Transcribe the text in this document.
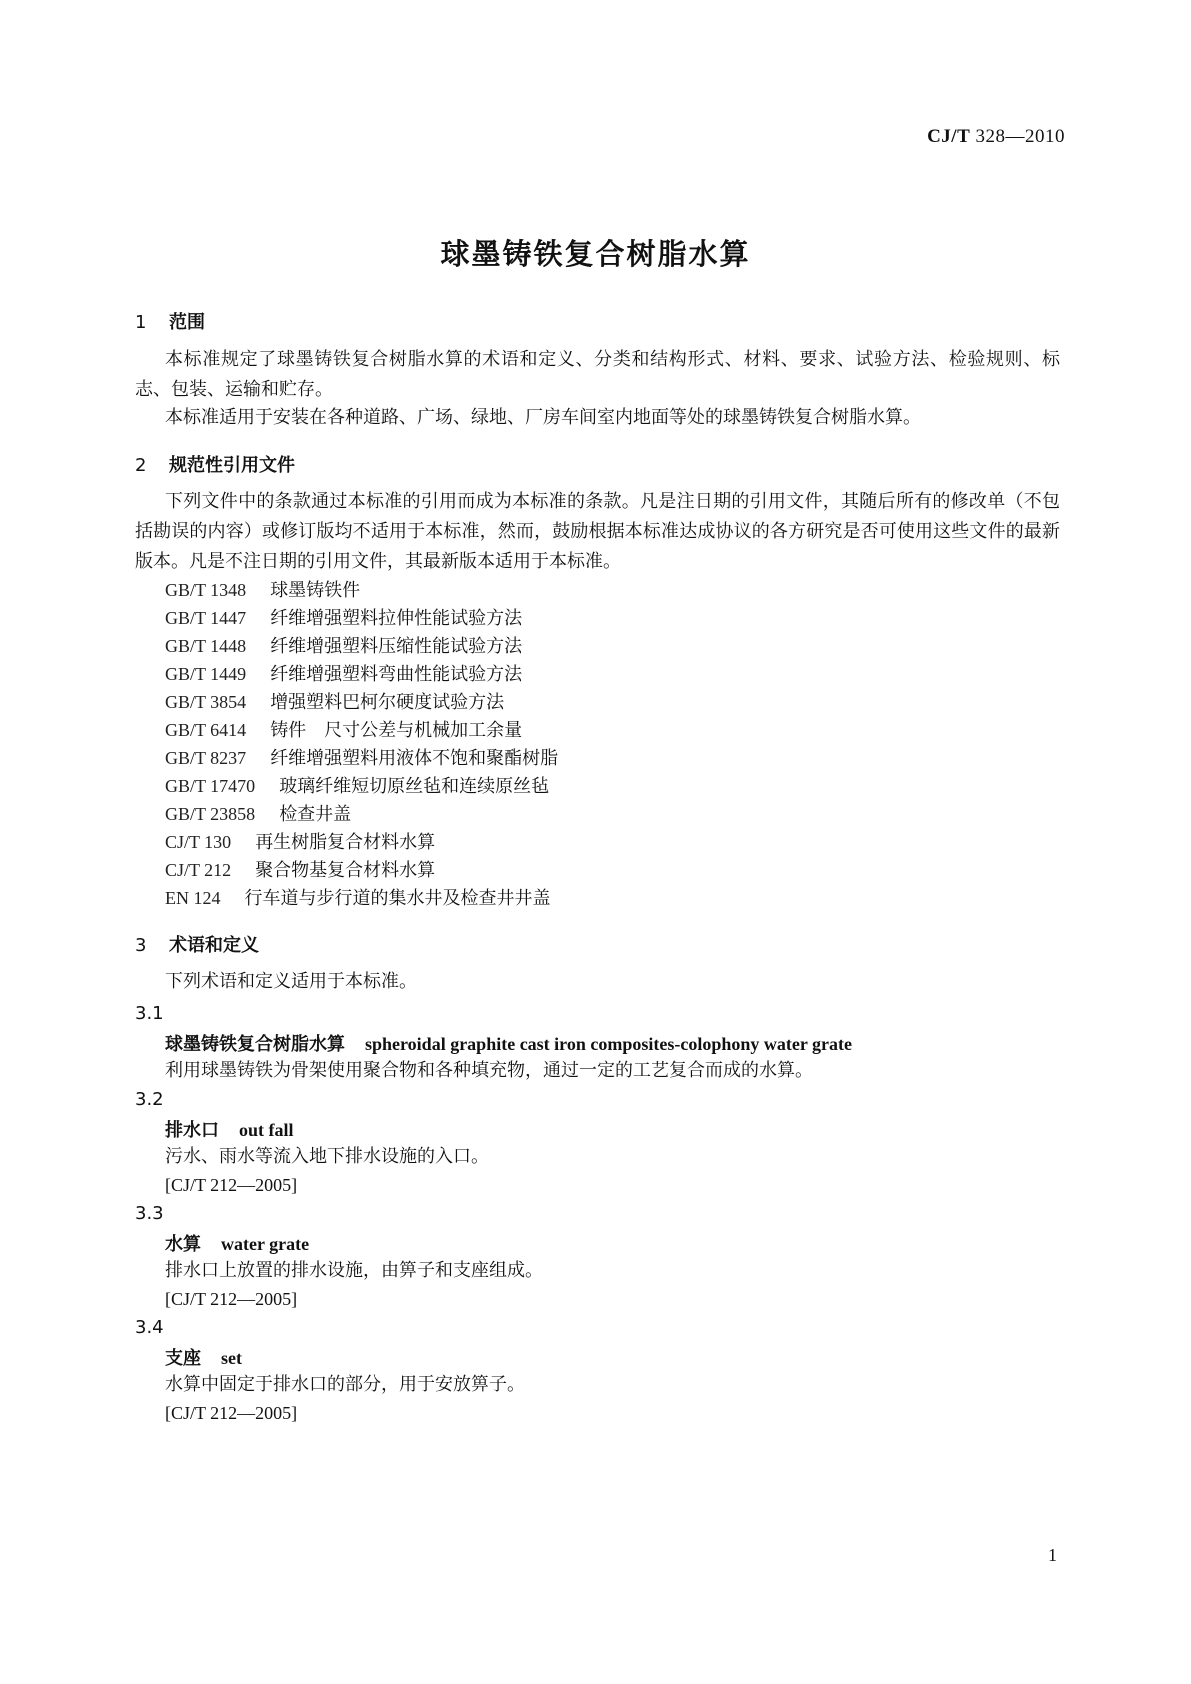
CJ/T 328—2010
球墨铸铁复合树脂水算
1 范围
本标准规定了球墨铸铁复合树脂水算的术语和定义、分类和结构形式、材料、要求、试验方法、检验规则、标志、包装、运输和贮存。
本标准适用于安装在各种道路、广场、绿地、厂房车间室内地面等处的球墨铸铁复合树脂水算。
2 规范性引用文件
下列文件中的条款通过本标准的引用而成为本标准的条款。凡是注日期的引用文件，其随后所有的修改单（不包括勘误的内容）或修订版均不适用于本标准，然而，鼓励根据本标准达成协议的各方研究是否可使用这些文件的最新版本。凡是不注日期的引用文件，其最新版本适用于本标准。
GB/T 1348 球墨铸铁件
GB/T 1447 纤维增强塑料拉伸性能试验方法
GB/T 1448 纤维增强塑料压缩性能试验方法
GB/T 1449 纤维增强塑料弯曲性能试验方法
GB/T 3854 增强塑料巴柯尔硬度试验方法
GB/T 6414 铸件　尺寸公差与机械加工余量
GB/T 8237 纤维增强塑料用液体不饱和聚酯树脂
GB/T 17470 玻璃纤维短切原丝毡和连续原丝毡
GB/T 23858 检查井盖
CJ/T 130 再生树脂复合材料水算
CJ/T 212 聚合物基复合材料水算
EN 124 行车道与步行道的集水井及检查井井盖
3 术语和定义
下列术语和定义适用于本标准。
3.1
球墨铸铁复合树脂水算 spheroidal graphite cast iron composites-colophony water grate
利用球墨铸铁为骨架使用聚合物和各种填充物，通过一定的工艺复合而成的水算。
3.2
排水口 out fall
污水、雨水等流入地下排水设施的入口。
[CJ/T 212—2005]
3.3
水算 water grate
排水口上放置的排水设施，由箅子和支座组成。
[CJ/T 212—2005]
3.4
支座 set
水算中固定于排水口的部分，用于安放箅子。
[CJ/T 212—2005]
1
